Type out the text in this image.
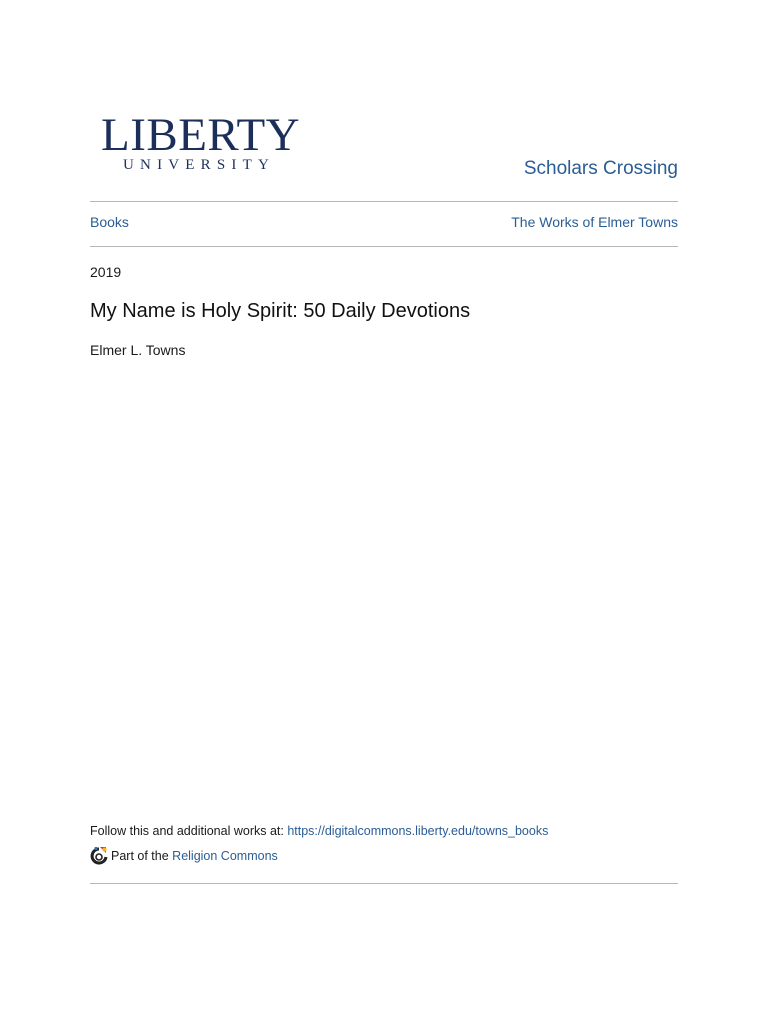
LIBERTY
UNIVERSITY	Scholars Crossing
Books	The Works of Elmer Towns
2019
My Name is Holy Spirit: 50 Daily Devotions
Elmer L. Towns
Follow this and additional works at: https://digitalcommons.liberty.edu/towns_books
Part of the
Religion Commons
